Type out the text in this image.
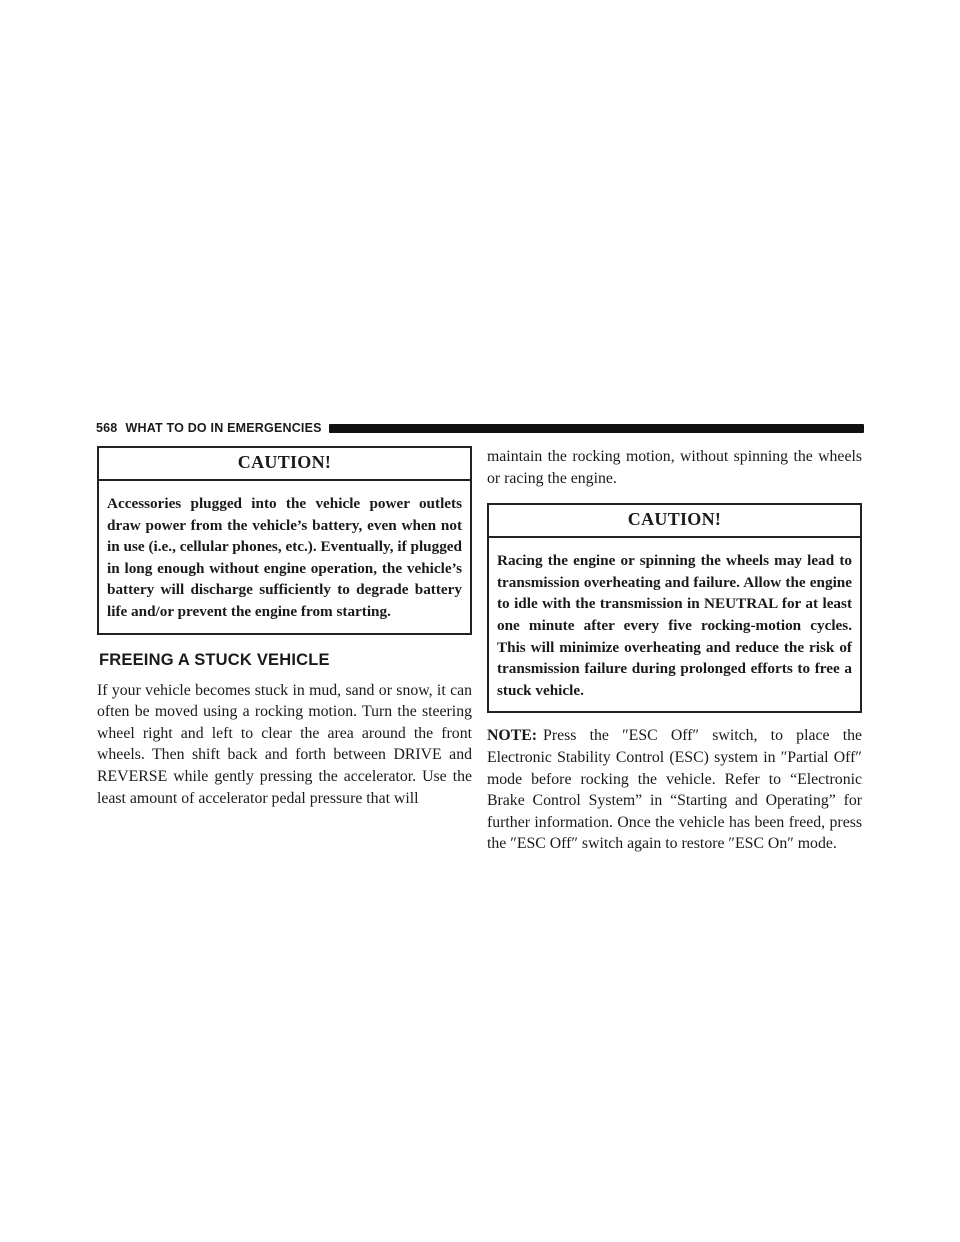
568 WHAT TO DO IN EMERGENCIES
CAUTION!
Accessories plugged into the vehicle power outlets draw power from the vehicle’s battery, even when not in use (i.e., cellular phones, etc.). Eventually, if plugged in long enough without engine operation, the vehicle’s battery will discharge sufficiently to degrade battery life and/or prevent the engine from starting.
FREEING A STUCK VEHICLE

If your vehicle becomes stuck in mud, sand or snow, it can often be moved using a rocking motion. Turn the steering wheel right and left to clear the area around the front wheels. Then shift back and forth between DRIVE and REVERSE while gently pressing the accelerator. Use the least amount of accelerator pedal pressure that will

maintain the rocking motion, without spinning the wheels or racing the engine.

CAUTION!
Racing the engine or spinning the wheels may lead to transmission overheating and failure. Allow the engine to idle with the transmission in NEUTRAL for at least one minute after every five rocking-motion cycles. This will minimize overheating and reduce the risk of transmission failure during prolonged efforts to free a stuck vehicle.

NOTE: Press the ″ESC Off″ switch, to place the Electronic Stability Control (ESC) system in ″Partial Off″ mode before rocking the vehicle. Refer to “Electronic Brake Control System” in “Starting and Operating” for further information. Once the vehicle has been freed, press the ″ESC Off″ switch again to restore ″ESC On″ mode.
